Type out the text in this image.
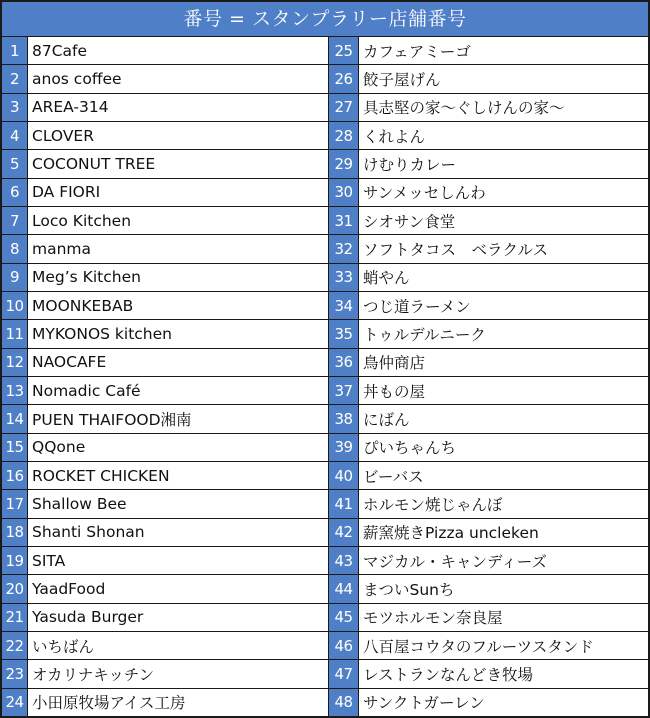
番号 = スタンプラリー店舗番号
1 87Cafe
2 anos coffee
3 AREA-314
4 CLOVER
5 COCONUT TREE
6 DA FIORI
7 Loco Kitchen
8 manma
9 Meg’s Kitchen
10 MOONKEBAB
11 MYKONOS kitchen
12 NAOCAFE
13 Nomadic Café
14 PUEN THAIFOOD湘南
15 QQone
16 ROCKET CHICKEN
17 Shallow Bee
18 Shanti Shonan
19 SITA
20 YaadFood
21 Yasuda Burger
22 いちばん
23 オカリナキッチン
24 小田原牧場アイス工房
25 カフェアミーゴ
26 餃子屋げん
27 具志堅の家～ぐしけんの家～
28 くれよん
29 けむりカレー
30 サンメッセしんわ
31 シオサン食堂
32 ソフトタコス　ベラクルス
33 蛸やん
34 つじ道ラーメン
35 トゥルデルニーク
36 鳥仲商店
37 丼もの屋
38 にばん
39 ぴいちゃんち
40 ビーバス
41 ホルモン焼じゃんぼ
42 薪窯焼きPizza uncleken
43 マジカル・キャンディーズ
44 まついSunち
45 モツホルモン奈良屋
46 八百屋コウタのフルーツスタンド
47 レストランなんどき牧場
48 サンクトガーレン
